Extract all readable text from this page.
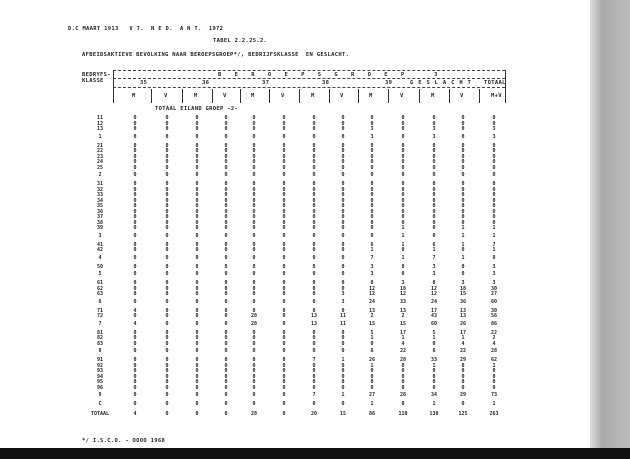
D.C MAART 1913   V T.  N E D.  A N T.  1972
TABEL 2.2.25.2.
AFBEIDSAKTIEVE BEVOLKING NAAR BEROEPSGROEP*/, BEDRIJFSKLASSE  EN GESLACHT.
BEDRYFS-
KLASSE
B E R O E P S G R O E P   3
35	36	37	38	39	G E S L A C H T TOTAAL
M	V	M	V	M	V	M	V	M	V	M	V	M+V
TOTAAL EILAND GROEP -2-
11	0	0	0	0	0	0	0	0	0	0	0	0	0
12	0	0	0	0	0	0	0	0	0	0	0	0	0
13	0	0	0	0	0	0	0	0	3	0	3	0	3
1	0	0	0	0	0	0	0	0	3	0	3	0	3
21	0	0	0	0	0	0	0	0	0	0	0	0	0
22	0	0	0	0	0	0	0	0	0	0	0	0	0
23	0	0	0	0	0	0	0	0	0	0	0	0	0
24	0	0	0	0	0	0	0	0	0	0	0	0	0
25	0	0	0	0	0	0	0	0	0	0	0	0	0
2	0	0	0	0	0	0	0	0	0	0	0	0	0
31	0	0	0	0	0	0	0	0	0	0	0	0	0
32	0	0	0	0	0	0	0	0	0	0	0	0	0
33	0	0	0	0	0	0	0	0	0	0	0	0	0
34	0	0	0	0	0	0	0	0	0	0	0	0	0
35	0	0	0	0	0	0	0	0	0	0	0	0	0
36	0	0	0	0	0	0	0	0	0	0	0	0	0
37	0	0	0	0	0	0	0	0	0	0	0	0	0
38	0	0	0	0	0	0	0	0	0	0	0	0	0
39	0	0	0	0	0	0	0	0	0	1	0	1	1
3	0	0	0	0	0	0	0	0	0	1	0	1	1
41	0	0	0	0	0	0	0	0	6	1	6	1	7
42	0	0	0	0	0	0	0	0	1	0	1	0	1
4	0	0	0	0	0	0	0	0	7	1	7	1	8
50	0	0	0	0	0	0	0	0	3	0	3	0	3
5	0	0	0	0	0	0	0	0	3	0	3	0	3
61	0	0	0	0	0	0	0	0	0	3	0	3	3
62	0	0	0	0	0	0	0	0	12	18	12	18	30
63	0	0	0	0	0	0	0	3	12	12	12	15	27
6	0	0	0	0	0	0	0	3	24	33	24	36	60
71	4	0	0	0	0	0	0	0	13	13	17	13	30
72	0	0	0	0	28	0	13	11	2	2	43	13	56
7	4	0	0	0	28	0	13	11	15	15	60	26	86
81	0	0	0	0	0	0	0	0	5	17	5	17	22
82	0	0	0	0	0	0	0	0	1	1	1	1	2
83	0	0	0	0	0	0	0	0	0	4	0	4	4
8	0	0	0	0	0	0	0	0	6	22	6	22	28
91	0	0	0	0	0	0	7	1	26	28	33	29	62
92	0	0	0	0	0	0	0	0	1	0	1	0	1
93	0	0	0	0	0	0	0	0	0	0	0	0	0
94	0	0	0	0	0	0	0	0	0	0	0	0	0
95	0	0	0	0	0	0	0	0	0	0	0	0	0
96	0	0	0	0	0	0	0	0	0	0	0	0	0
9	0	0	0	0	0	0	7	1	27	28	34	29	73
C	0	0	0	0	0	0	0	0	1	0	1	0	1
TOTAAL	4	0	0	0	28	0	20	15	86	110	138	125	263
*/ I.S.C.O. - ОООО 1968
